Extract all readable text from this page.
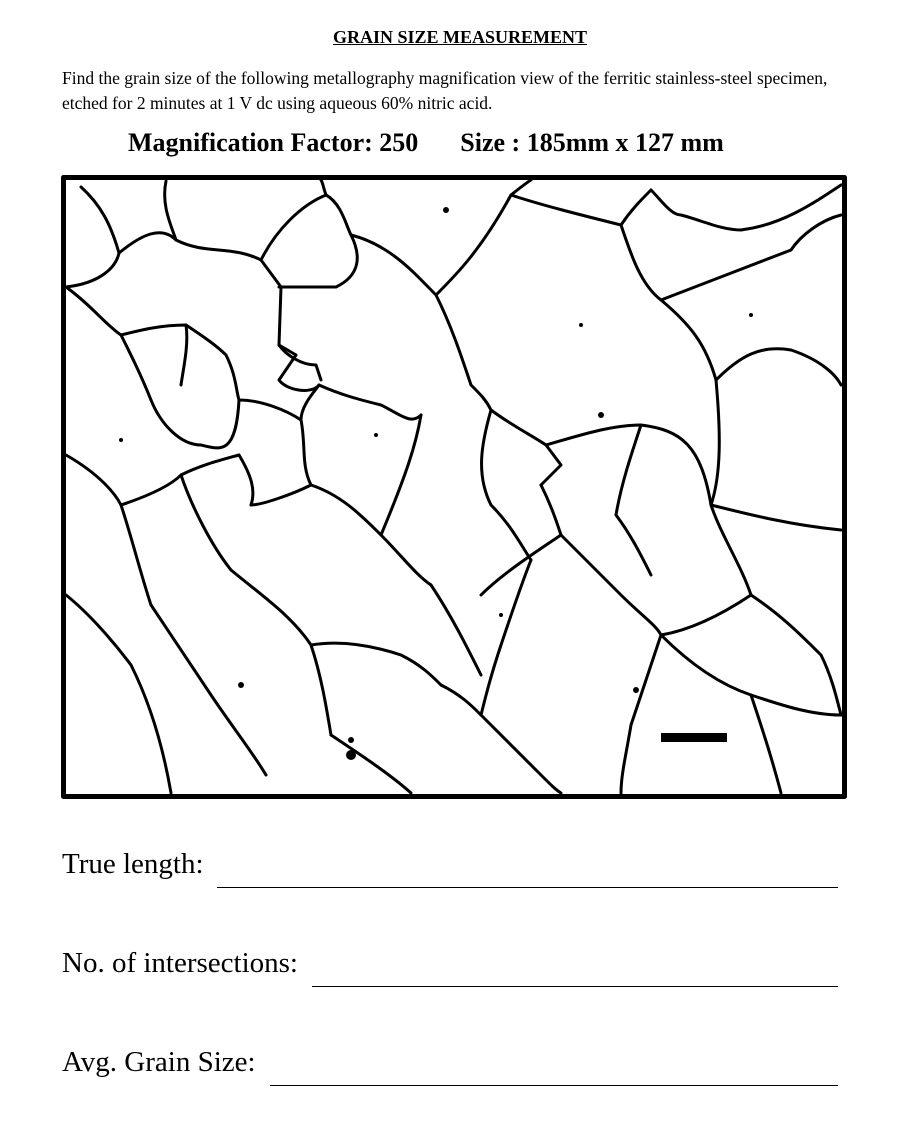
GRAIN SIZE MEASUREMENT
Find the grain size of the following metallography magnification view of the ferritic stainless-steel specimen, etched for 2 minutes at 1 V dc using aqueous 60% nitric acid.
Magnification Factor: 250 Size : 185mm x 127 mm
True length:
No. of intersections:
Avg. Grain Size:
